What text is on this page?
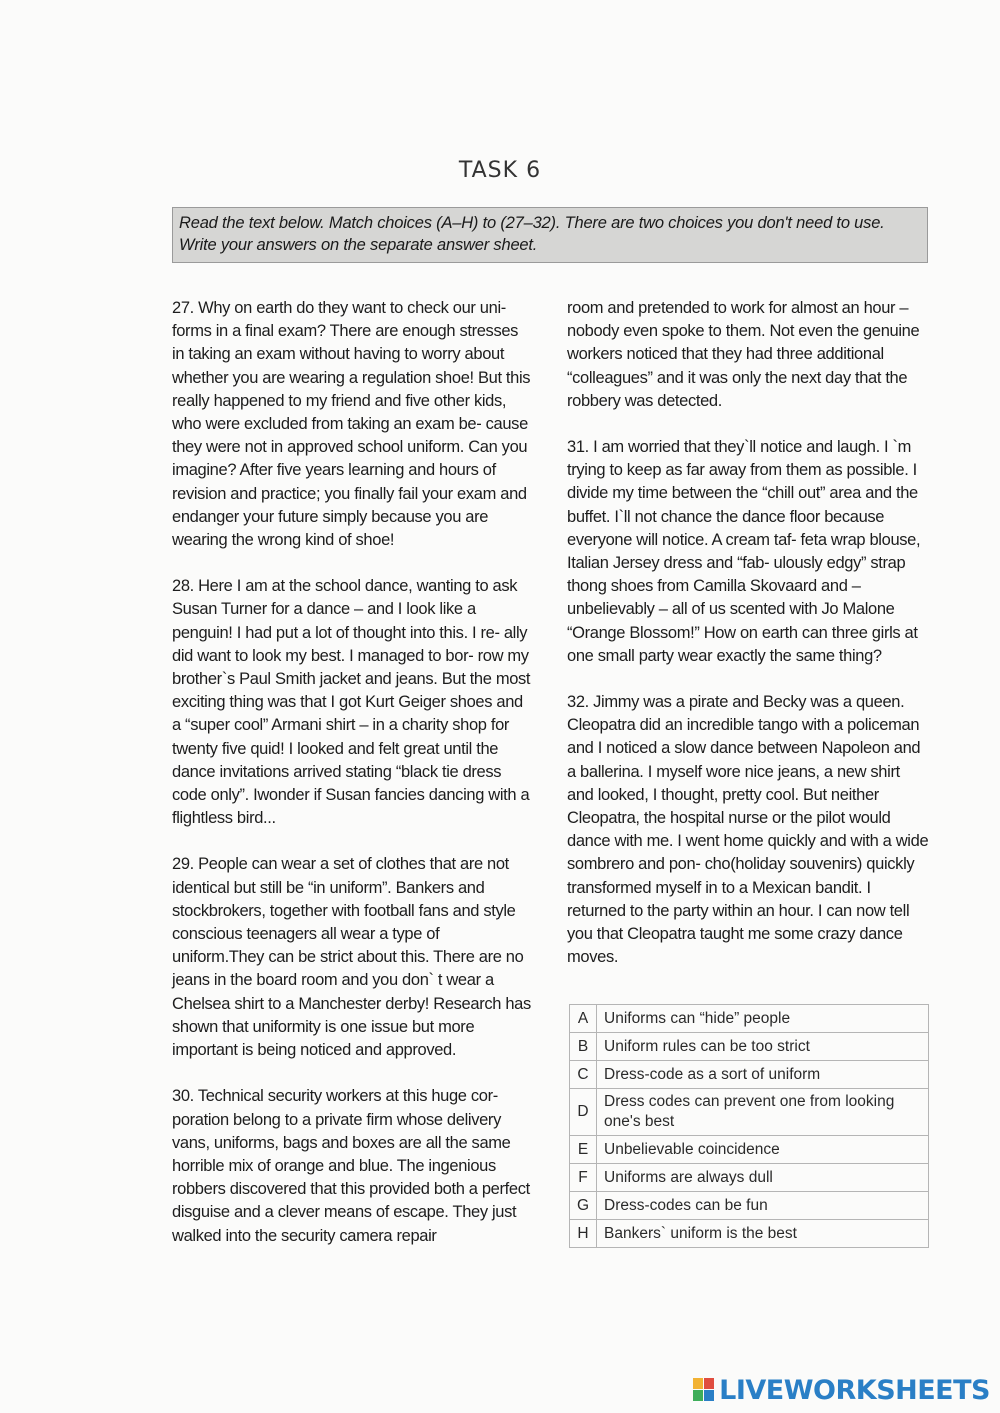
TASK 6
Read the text below. Match choices (A–H) to (27–32). There are two choices you don't need to use.
Write your answers on the separate answer sheet.

27. Why on earth do they want to check our uni- forms in a final exam? There are enough stresses in taking an exam without having to worry about whether you are wearing a regulation shoe! But this really happened to my friend and five other kids, who were excluded from taking an exam be- cause they were not in approved school uniform. Can you imagine? After five years learning and hours of revision and practice; you finally fail your exam and endanger your future simply because you are wearing the wrong kind of shoe!

28. Here I am at the school dance, wanting to ask Susan Turner for a dance – and I look like a penguin! I had put a lot of thought into this. I re- ally did want to look my best. I managed to bor- row my brother`s Paul Smith jacket and jeans. But the most exciting thing was that I got Kurt Geiger shoes and a “super cool” Armani shirt – in a charity shop for twenty five quid! I looked and felt great until the dance invitations arrived stating “black tie dress code only”. Iwonder if Susan fancies dancing with a flightless bird...

29. People can wear a set of clothes that are not identical but still be “in uniform”. Bankers and stockbrokers, together with football fans and style conscious teenagers all wear a type of uniform.They can be strict about this. There are no jeans in the board room and you don` t wear a Chelsea shirt to a Manchester derby! Research has shown that uniformity is one issue but more important is being noticed and approved.

30. Technical security workers at this huge cor- poration belong to a private firm whose delivery vans, uniforms, bags and boxes are all the same horrible mix of orange and blue. The ingenious robbers discovered that this provided both a perfect disguise and a clever means of escape. They just walked into the security camera repair

room and pretended to work for almost an hour – nobody even spoke to them. Not even the genuine workers noticed that they had three additional “colleagues” and it was only the next day that the robbery was detected.

31. I am worried that they`ll notice and laugh. I `m trying to keep as far away from them as possible. I divide my time between the “chill out” area and the buffet. I`ll not chance the dance floor because everyone will notice. A cream taf- feta wrap blouse, Italian Jersey dress and “fab- ulously edgy” strap thong shoes from Camilla Skovaard and – unbelievably – all of us scented with Jo Malone “Orange Blossom!” How on earth can three girls at one small party wear exactly the same thing?

32. Jimmy was a pirate and Becky was a queen. Cleopatra did an incredible tango with a policeman and I noticed a slow dance between Napoleon and a ballerina. I myself wore nice jeans, a new shirt and looked, I thought, pretty cool. But neither Cleopatra, the hospital nurse or the pilot would dance with me. I went home quickly and with a wide sombrero and pon- cho(holiday souvenirs) quickly transformed myself in to a Mexican bandit. I returned to the party within an hour. I can now tell you that Cleopatra taught me some crazy dance moves.

A	Uniforms can “hide” people
B	Uniform rules can be too strict
C	Dress-code as a sort of uniform
D	Dress codes can prevent one from looking one's best
E	Unbelievable coincidence
F	Uniforms are always dull
G	Dress-codes can be fun
H	Bankers` uniform is the best
LIVEWORKSHEETS
